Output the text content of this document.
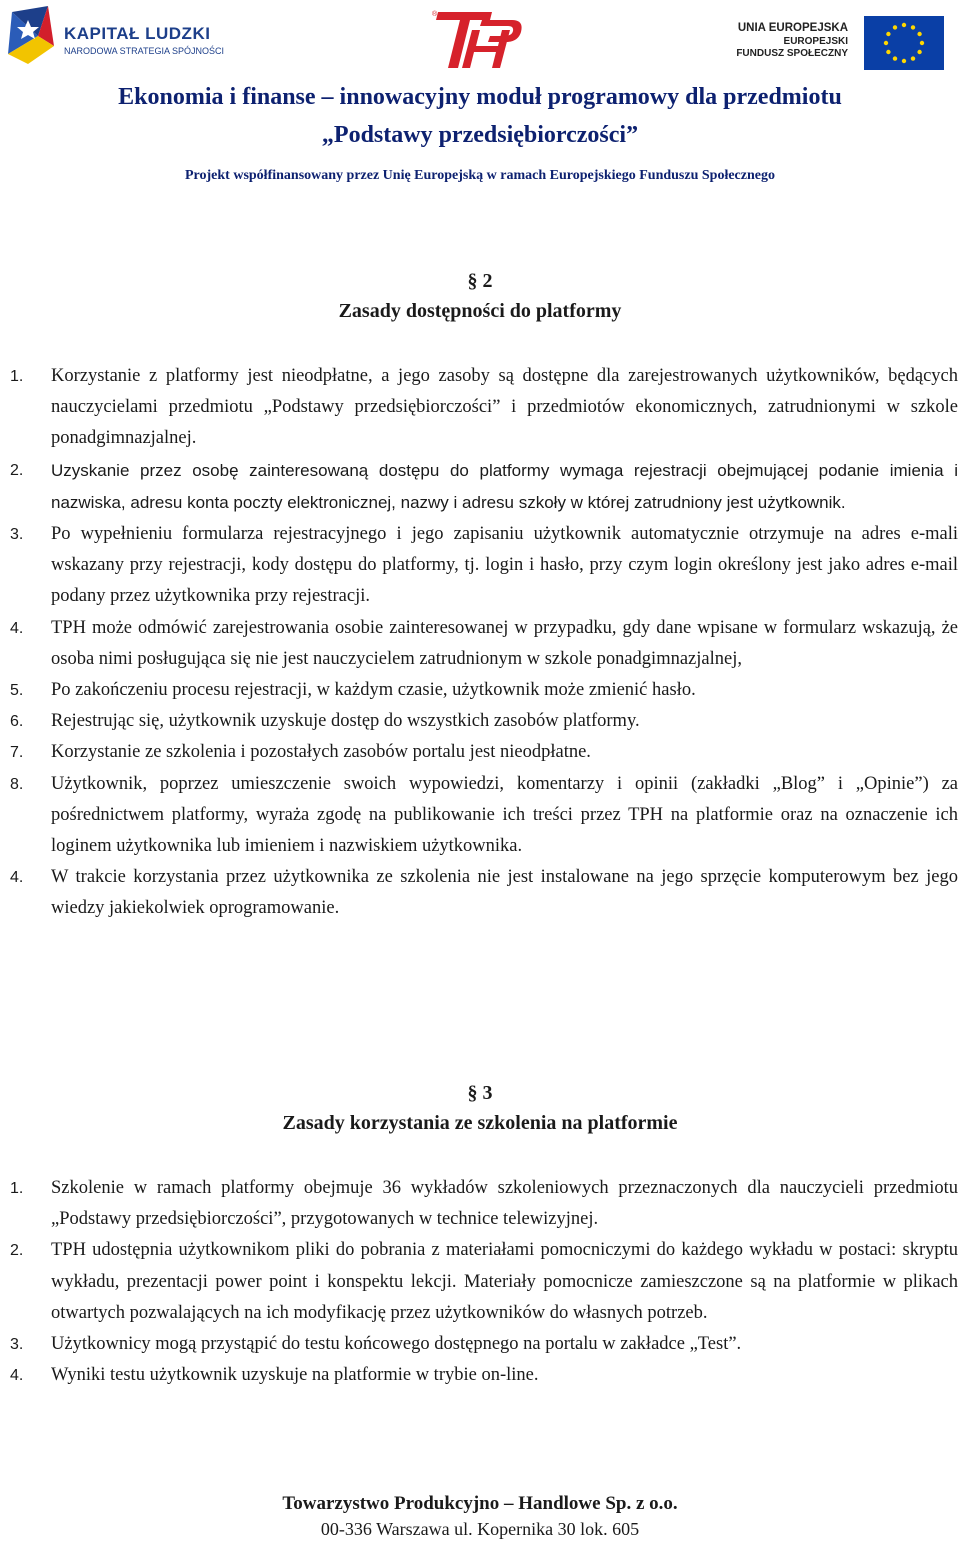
KAPITAŁ LUDZKI
NARODOWA STRATEGIA SPÓJNOŚCI
®
UNIA EUROPEJSKA
EUROPEJSKI
FUNDUSZ SPOŁECZNY
Ekonomia i finanse – innowacyjny moduł programowy dla przedmiotu
„Podstawy przedsiębiorczości”
Projekt współfinansowany przez Unię Europejską w ramach Europejskiego Funduszu Społecznego
§ 2
Zasady dostępności do platformy
1. Korzystanie z platformy jest nieodpłatne, a jego zasoby są dostępne dla zarejestrowanych użytkowników, będących nauczycielami przedmiotu „Podstawy przedsiębiorczości” i przedmiotów ekonomicznych, zatrudnionymi w szkole ponadgimnazjalnej.
2. Uzyskanie przez osobę zainteresowaną dostępu do platformy wymaga rejestracji obejmującej podanie imienia i nazwiska, adresu konta poczty elektronicznej, nazwy i adresu szkoły w której zatrudniony jest użytkownik.
3. Po wypełnieniu formularza rejestracyjnego i jego zapisaniu użytkownik automatycznie otrzymuje na adres e-mali wskazany przy rejestracji, kody dostępu do platformy, tj. login i hasło, przy czym login określony jest jako adres e-mail podany przez użytkownika przy rejestracji.
4. TPH może odmówić zarejestrowania osobie zainteresowanej w przypadku, gdy dane wpisane w formularz wskazują, że osoba nimi posługująca się nie jest nauczycielem zatrudnionym w szkole ponadgimnazjalnej,
5. Po zakończeniu procesu rejestracji, w każdym czasie, użytkownik może zmienić hasło.
6. Rejestrując się, użytkownik uzyskuje dostęp do wszystkich zasobów platformy.
7. Korzystanie ze szkolenia i pozostałych zasobów portalu jest nieodpłatne.
8. Użytkownik, poprzez umieszczenie swoich wypowiedzi, komentarzy i opinii (zakładki „Blog” i „Opinie”) za pośrednictwem platformy, wyraża zgodę na publikowanie ich treści przez TPH na platformie oraz na oznaczenie ich loginem użytkownika lub imieniem i nazwiskiem użytkownika.
4. W trakcie korzystania przez użytkownika ze szkolenia nie jest instalowane na jego sprzęcie komputerowym bez jego wiedzy jakiekolwiek oprogramowanie.
§ 3
Zasady korzystania ze szkolenia na platformie
1. Szkolenie w ramach platformy obejmuje 36 wykładów szkoleniowych przeznaczonych dla nauczycieli przedmiotu „Podstawy przedsiębiorczości”, przygotowanych w technice telewizyjnej.
2. TPH udostępnia użytkownikom pliki do pobrania z materiałami pomocniczymi do każdego wykładu w postaci: skryptu wykładu, prezentacji power point i konspektu lekcji. Materiały pomocnicze zamieszczone są na platformie w plikach otwartych pozwalających na ich modyfikację przez użytkowników do własnych potrzeb.
3. Użytkownicy mogą przystąpić do testu końcowego dostępnego na portalu w zakładce „Test”.
4. Wyniki testu użytkownik uzyskuje na platformie w trybie on-line.
Towarzystwo Produkcyjno – Handlowe Sp. z o.o.
00-336 Warszawa ul. Kopernika 30 lok. 605
